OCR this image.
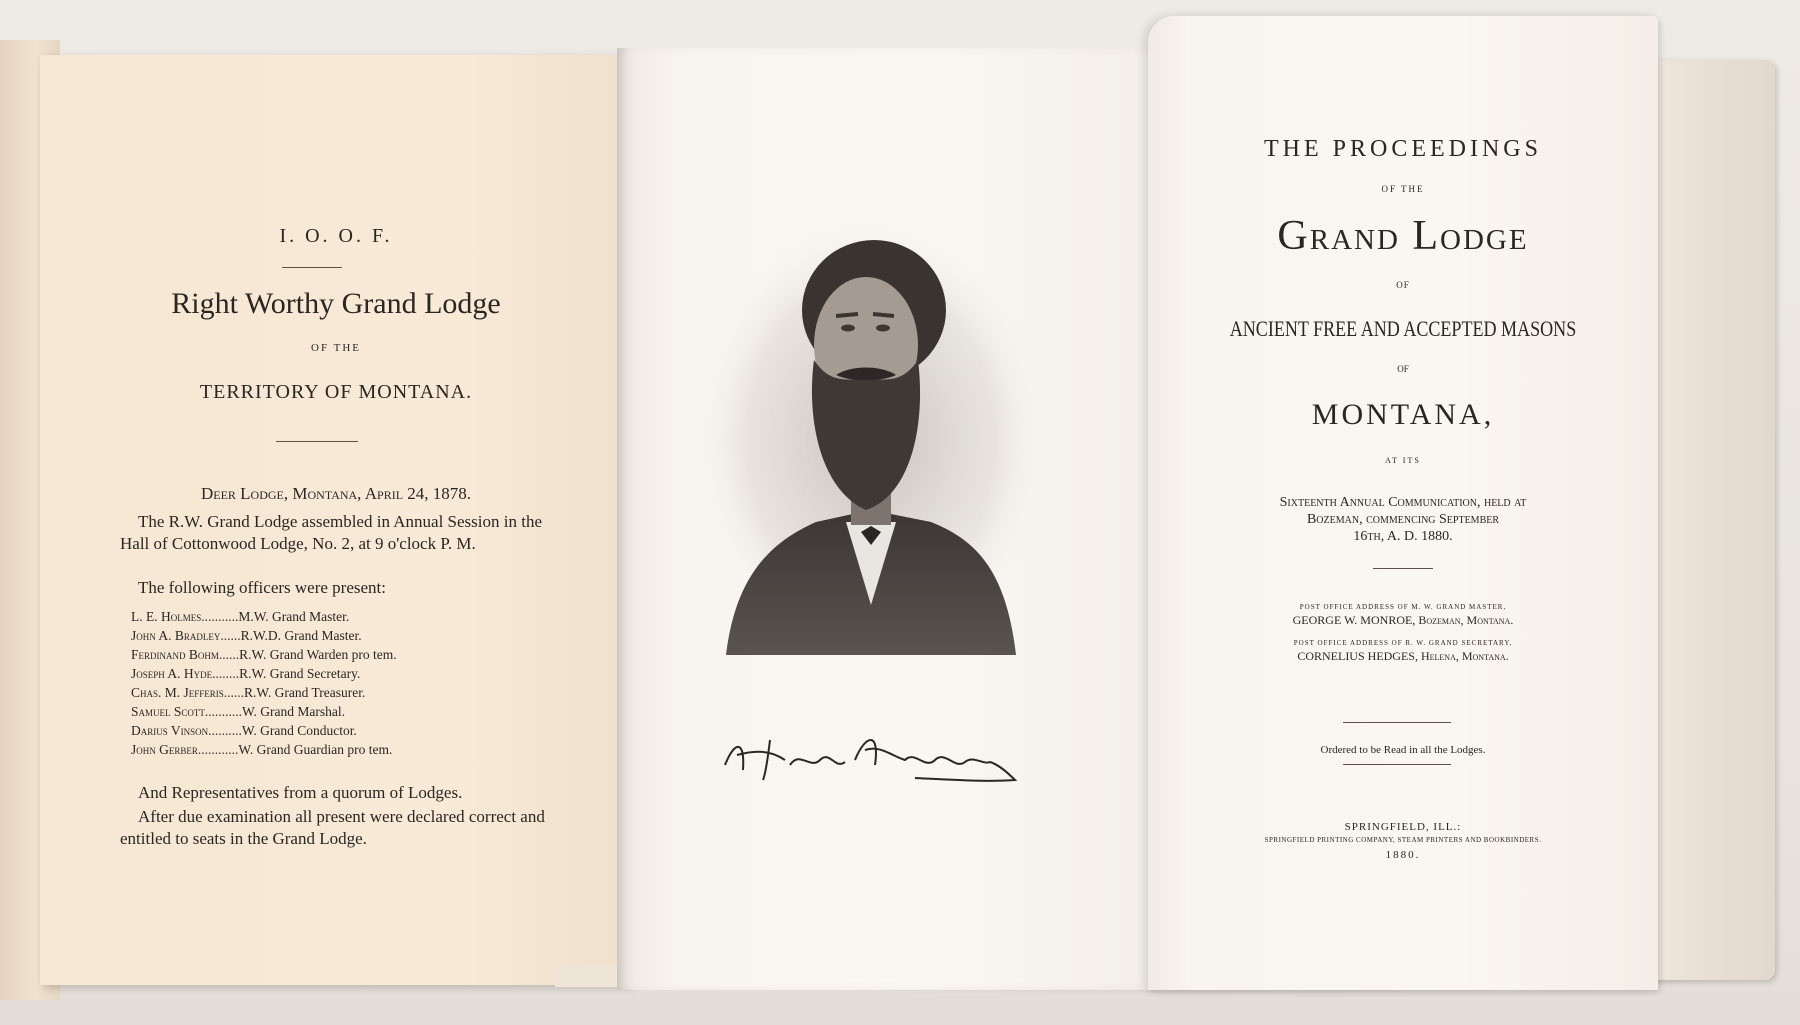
I. O. O. F.
Right Worthy Grand Lodge
OF THE
TERRITORY OF MONTANA.
Deer Lodge, Montana, April 24, 1878.
The R.W. Grand Lodge assembled in Annual Session in the Hall of Cottonwood Lodge, No. 2, at 9 o'clock P. M.
The following officers were present:
L. E. Holmes .......... .M.W. Grand Master.
John A. Bradley ...... R.W.D. Grand Master.
Ferdinand Bohm ...... R.W. Grand Warden pro tem.
Joseph A. Hyde ........ R.W. Grand Secretary.
Chas. M. Jefferis ...... R.W. Grand Treasurer.
Samuel Scott ........... W. Grand Marshal.
Darius Vinson .......... W. Grand Conductor.
John Gerber ............ W. Grand Guardian pro tem.
And Representatives from a quorum of Lodges.
After due examination all present were declared correct and entitled to seats in the Grand Lodge.
THE PROCEEDINGS
OF THE
Grand Lodge
OF
ANCIENT FREE AND ACCEPTED MASONS
OF
MONTANA,
AT ITS
Sixteenth Annual Communication, held at
Bozeman, commencing September
16th, A. D. 1880.
POST OFFICE ADDRESS OF M. W. GRAND MASTER,
GEORGE W. MONROE, Bozeman, Montana.
POST OFFICE ADDRESS OF R. W. GRAND SECRETARY,
CORNELIUS HEDGES, Helena, Montana.
Ordered to be Read in all the Lodges.
SPRINGFIELD, ILL.:
SPRINGFIELD PRINTING COMPANY, STEAM PRINTERS AND BOOKBINDERS.
1880.
